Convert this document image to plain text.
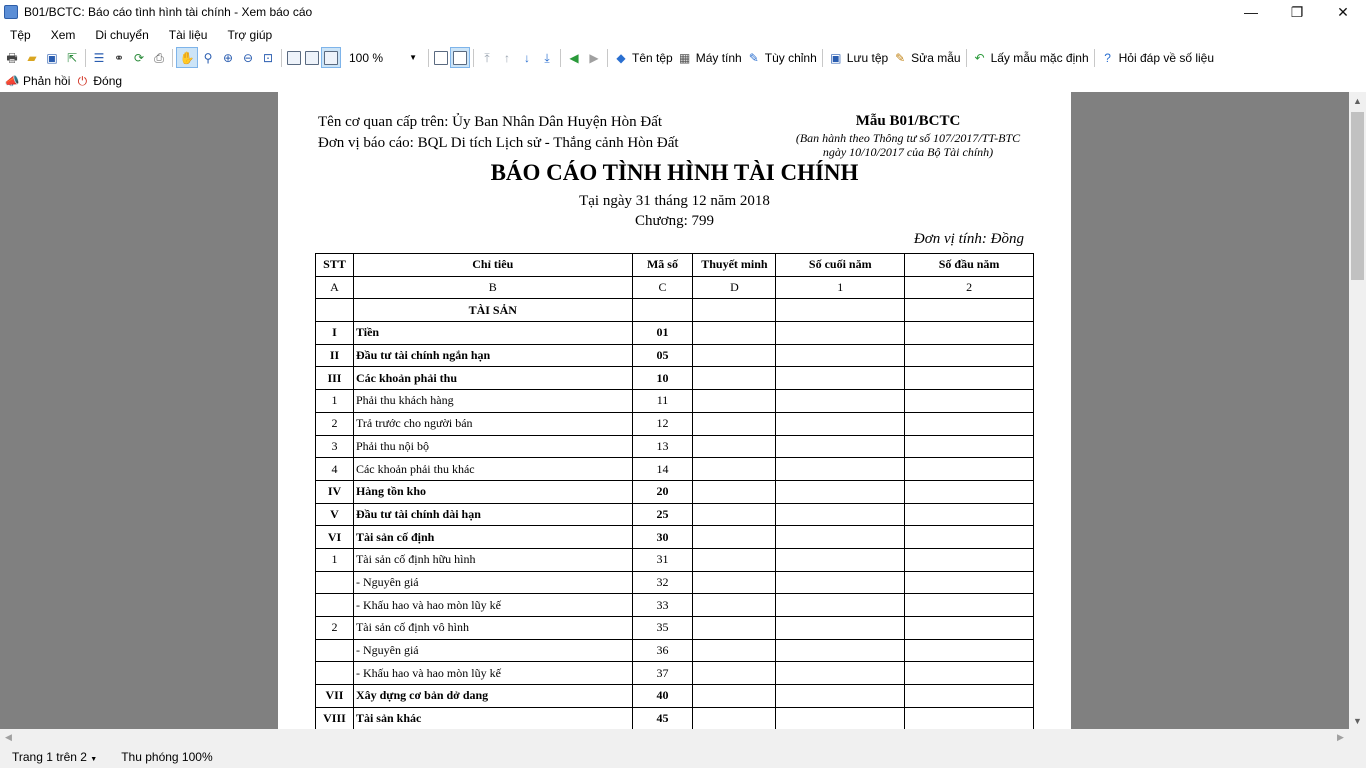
B01/BCTC: Báo cáo tình hình tài chính - Xem báo cáo	—	❐	✕
Tệp	Xem	Di chuyển	Tài liệu	Trợ giúp
🖶 ▰ ▣ ⇱ ☰ ⚭ ⟳ ⎙ ✋ ⚲ ⊕ ⊖ ⊡	100 %	▼	⤒	↑	↓	⤓	◀ ▶ ◆ Tên tệp ▦ Máy tính ✎ Tùy chỉnh ▣ Lưu tệp ✎ Sửa mẫu ↶ Lấy mẫu mặc định	? Hỏi đáp về số liệu
📣 Phản hồi ⏻ Đóng
Tên cơ quan cấp trên: Ủy Ban Nhân Dân Huyện Hòn Đất
Đơn vị báo cáo: BQL Di tích Lịch sử - Thắng cảnh Hòn Đất
Mẫu B01/BCTC
(Ban hành theo Thông tư số 107/2017/TT-BTC
ngày 10/10/2017 của Bộ Tài chính)
BÁO CÁO TÌNH HÌNH TÀI CHÍNH
Tại ngày 31 tháng 12 năm 2018
Chương: 799
Đơn vị tính: Đồng
STT	Chỉ tiêu	Mã số	Thuyết minh	Số cuối năm	Số đầu năm
A	B	C	D	1	2
	TÀI SẢN				
I	Tiền	01			
II	Đầu tư tài chính ngắn hạn	05			
III	Các khoản phải thu	10			
1	Phải thu khách hàng	11			
2	Trả trước cho người bán	12			
3	Phải thu nội bộ	13			
4	Các khoản phải thu khác	14			
IV	Hàng tồn kho	20			
V	Đầu tư tài chính dài hạn	25			
VI	Tài sản cố định	30			
1	Tài sản cố định hữu hình	31			
	- Nguyên giá	32			
	- Khấu hao và hao mòn lũy kế	33			
2	Tài sản cố định vô hình	35			
	- Nguyên giá	36			
	- Khấu hao và hao mòn lũy kế	37			
VII	Xây dựng cơ bản dở dang	40			
VIII	Tài sản khác	45			

▲
▼
◀	▶
Trang 1 trên 2 ▼	Thu phóng 100%
